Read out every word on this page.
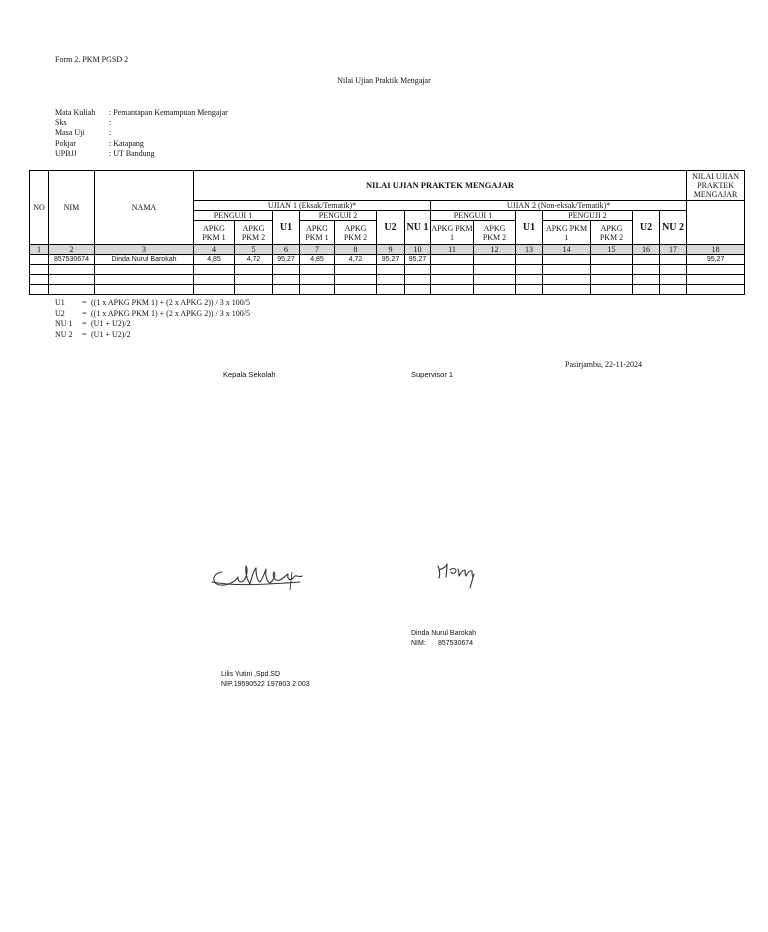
Form 2. PKM PGSD 2
Nilai Ujian Praktik Mengajar
Mata Kuliah : Pemantapan Kemampuan Mengajar
Sks	:
Masa Uji	:
Pokjar	: Katapang
UPBJJ	: UT Bandung
NO	NIM	NAMA	NILAI UJIAN PRAKTEK MENGAJAR														NILAI UJIAN PRAKTEK MENGAJAR
			UJIAN 1 (Eksak/Tematik)*							UJIAN 2 (Non-eksak/Tematik)*							
			PENGUJI 1		U1	PENGUJI 2		U2	NU 1	PENGUJI 1		U1	PENGUJI 2		U2	NU 2	
			APKG PKM 1	APKG PKM 2		APKG PKM 1	APKG PKM 2			APKG PKM 1	APKG PKM 2		APKG PKM 1	APKG PKM 2			
1	2	3	4	5	6	7	8	9	10	11	12	13	14	15	16	17	18
	857530674	Dinda Nurul Barokah	4,85	4,72	95,27	4,85	4,72	95,27	95,27								95,27

U1 = ((1 x APKG PKM 1) + (2 x APKG 2)) / 3 x 100/5
U2 = ((1 x APKG PKM 1) + (2 x APKG 2)) / 3 x 100/5
NU 1 = (U1 + U2)/2
NU 2 = (U1 + U2)/2
Pasirjambu, 22-11-2024
Kepala Sekolah	Supervisor 1
Dinda Nurul Barokah
NIM: 857530674
Lilis Yutini ,Spd.SD
NIP.19590522 197803 2 003
